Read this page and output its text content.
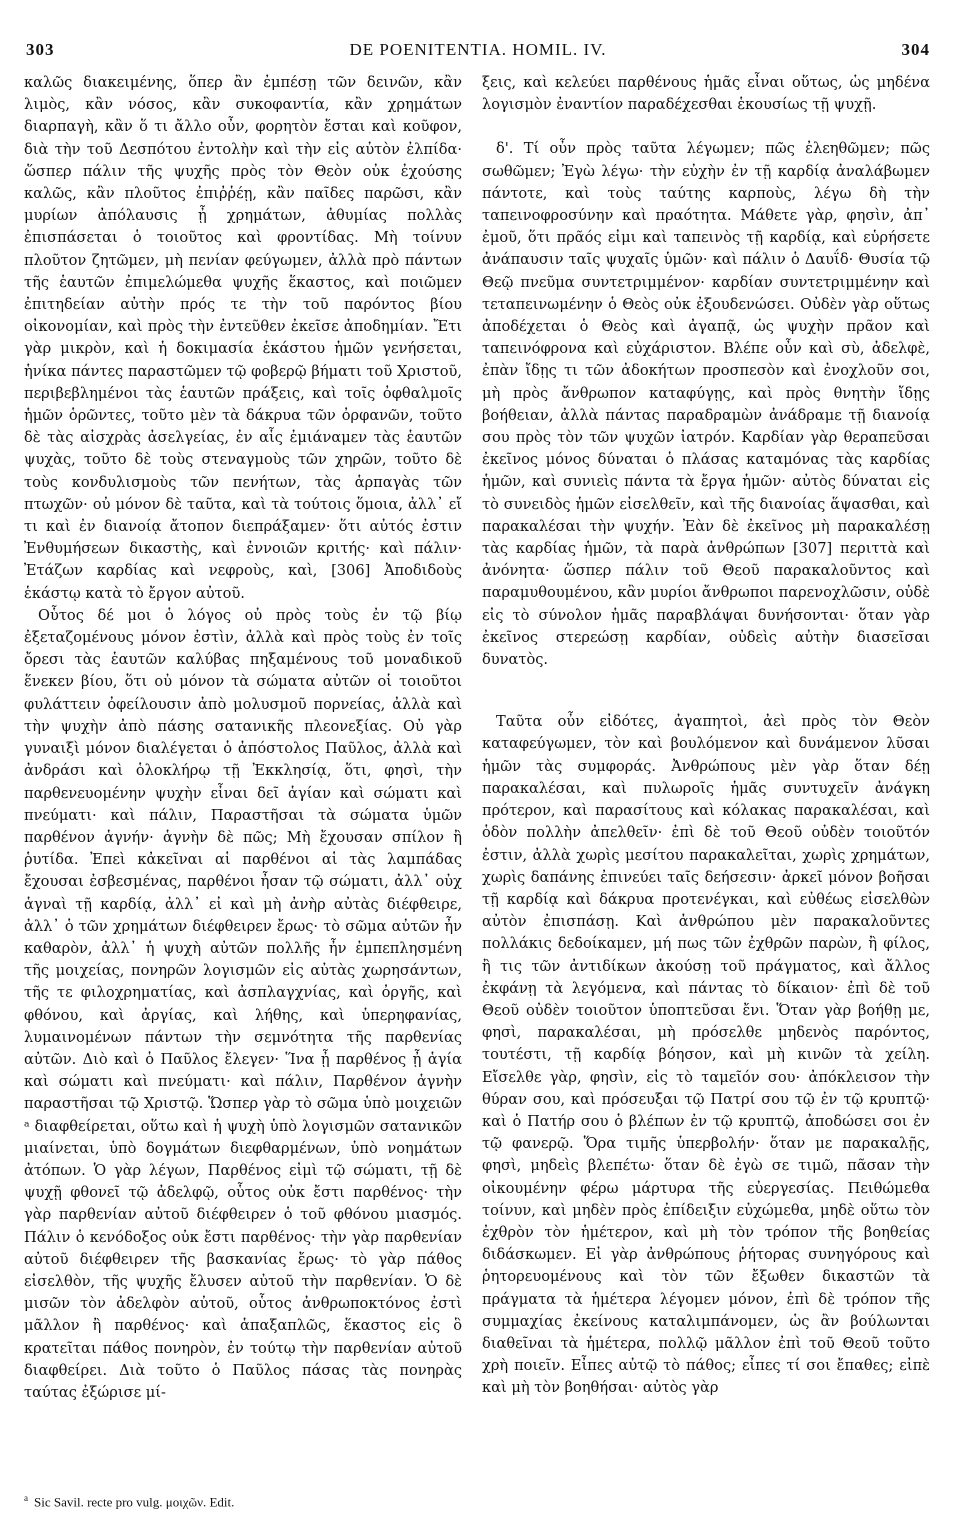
303	DE POENITENTIA. HOMIL. IV.	304

καλῶς διακειμένης, ὅπερ ἂν ἐμπέσῃ τῶν δεινῶν, κἂν λιμὸς, κἂν νόσος, κἂν συκοφαντία, κἂν χρημάτων διαρπαγὴ, κἂν ὅ τι ἄλλο οὖν, φορητὸν ἔσται καὶ κοῦφον, διὰ τὴν τοῦ Δεσπότου ἐντολὴν καὶ τὴν εἰς αὐτὸν ἐλπίδα· ὥσπερ πάλιν τῆς ψυχῆς πρὸς τὸν Θεὸν οὐκ ἐχούσης καλῶς, κἂν πλοῦτος ἐπιῤῥέῃ, κἂν παῖδες παρῶσι, κἂν μυρίων ἀπόλαυσις ᾖ χρημάτων, ἀθυμίας πολλὰς ἐπισπάσεται ὁ τοιοῦτος καὶ φροντίδας. Μὴ τοίνυν πλοῦτον ζητῶμεν, μὴ πενίαν φεύγωμεν, ἀλλὰ πρὸ πάντων τῆς ἑαυτῶν ἐπιμελώμεθα ψυχῆς ἕκαστος, καὶ ποιῶμεν ἐπιτηδείαν αὐτὴν πρός τε τὴν τοῦ παρόντος βίου οἰκονομίαν, καὶ πρὸς τὴν ἐντεῦθεν ἐκεῖσε ἀποδημίαν. Ἔτι γὰρ μικρὸν, καὶ ἡ δοκιμασία ἑκάστου ἡμῶν γενήσεται, ἡνίκα πάντες παραστῶμεν τῷ φοβερῷ βήματι τοῦ Χριστοῦ, περιβεβλημένοι τὰς ἑαυτῶν πράξεις, καὶ τοῖς ὀφθαλμοῖς ἡμῶν ὁρῶντες, τοῦτο μὲν τὰ δάκρυα τῶν ὀρφανῶν, τοῦτο δὲ τὰς αἰσχρὰς ἀσελγείας, ἐν αἷς ἐμιάναμεν τὰς ἑαυτῶν ψυχὰς, τοῦτο δὲ τοὺς στεναγμοὺς τῶν χηρῶν, τοῦτο δὲ τοὺς κονδυλισμοὺς τῶν πενήτων, τὰς ἁρπαγὰς τῶν πτωχῶν· οὐ μόνον δὲ ταῦτα, καὶ τὰ τούτοις ὅμοια, ἀλλ᾽ εἴ τι καὶ ἐν διανοίᾳ ἄτοπον διεπράξαμεν· ὅτι αὐτός ἐστιν Ἐνθυμήσεων δικαστὴς, καὶ ἐννοιῶν κριτής· καὶ πάλιν· Ἐτάζων καρδίας καὶ νεφροὺς, καὶ, [306] Ἀποδιδοὺς ἑκάστῳ κατὰ τὸ ἔργον αὐτοῦ.

Οὗτος δέ μοι ὁ λόγος οὐ πρὸς τοὺς ἐν τῷ βίῳ ἐξεταζομένους μόνον ἐστὶν, ἀλλὰ καὶ πρὸς τοὺς ἐν τοῖς ὄρεσι τὰς ἑαυτῶν καλύβας πηξαμένους τοῦ μοναδικοῦ ἕνεκεν βίου, ὅτι οὐ μόνον τὰ σώματα αὐτῶν οἱ τοιοῦτοι φυλάττειν ὀφείλουσιν ἀπὸ μολυσμοῦ πορνείας, ἀλλὰ καὶ τὴν ψυχὴν ἀπὸ πάσης σατανικῆς πλεονεξίας. Οὐ γὰρ γυναιξὶ μόνον διαλέγεται ὁ ἀπόστολος Παῦλος, ἀλλὰ καὶ ἀνδράσι καὶ ὁλοκλήρῳ τῇ Ἐκκλησίᾳ, ὅτι, φησὶ, τὴν παρθενευομένην ψυχὴν εἶναι δεῖ ἁγίαν καὶ σώματι καὶ πνεύματι· καὶ πάλιν, Παραστῆσαι τὰ σώματα ὑμῶν παρθένον ἁγνήν· ἁγνὴν δὲ πῶς; Μὴ ἔχουσαν σπίλον ἢ ῥυτίδα. Ἐπεὶ κἀκεῖναι αἱ παρθένοι αἱ τὰς λαμπάδας ἔχουσαι ἐσβεσμένας, παρθένοι ἦσαν τῷ σώματι, ἀλλ᾽ οὐχ ἁγναὶ τῇ καρδίᾳ, ἀλλ᾽ εἰ καὶ μὴ ἀνὴρ αὐτὰς διέφθειρε, ἀλλ᾽ ὁ τῶν χρημάτων διέφθειρεν ἔρως· τὸ σῶμα αὐτῶν ἦν καθαρὸν, ἀλλ᾽ ἡ ψυχὴ αὐτῶν πολλῆς ἦν ἐμπεπλησμένη τῆς μοιχείας, πονηρῶν λογισμῶν εἰς αὐτὰς χωρησάντων, τῆς τε φιλοχρηματίας, καὶ ἀσπλαγχνίας, καὶ ὀργῆς, καὶ φθόνου, καὶ ἀργίας, καὶ λήθης, καὶ ὑπερηφανίας, λυμαινομένων πάντων τὴν σεμνότητα τῆς παρθενίας αὐτῶν. Διὸ καὶ ὁ Παῦλος ἔλεγεν· Ἵνα ᾖ παρθένος ᾖ ἁγία καὶ σώματι καὶ πνεύματι· καὶ πάλιν, Παρθένον ἁγνὴν παραστῆσαι τῷ Χριστῷ. Ὥσπερ γὰρ τὸ σῶμα ὑπὸ μοιχειῶν ᵃ διαφθείρεται, οὕτω καὶ ἡ ψυχὴ ὑπὸ λογισμῶν σατανικῶν μιαίνεται, ὑπὸ δογμάτων διεφθαρμένων, ὑπὸ νοημάτων ἀτόπων. Ὁ γὰρ λέγων, Παρθένος εἰμὶ τῷ σώματι, τῇ δὲ ψυχῇ φθονεῖ τῷ ἀδελφῷ, οὗτος οὐκ ἔστι παρθένος· τὴν γὰρ παρθενίαν αὐτοῦ διέφθειρεν ὁ τοῦ φθόνου μιασμός. Πάλιν ὁ κενόδοξος οὐκ ἔστι παρθένος· τὴν γὰρ παρθενίαν αὐτοῦ διέφθειρεν τῆς βασκανίας ἔρως· τὸ γὰρ πάθος εἰσελθὸν, τῆς ψυχῆς ἔλυσεν αὐτοῦ τὴν παρθενίαν. Ὁ δὲ μισῶν τὸν ἀδελφὸν αὐτοῦ, οὗτος ἀνθρωποκτόνος ἐστὶ μᾶλλον ἢ παρθένος· καὶ ἁπαξαπλῶς, ἕκαστος εἰς ὃ κρατεῖται πάθος πονηρὸν, ἐν τούτῳ τὴν παρθενίαν αὐτοῦ διαφθείρει. Διὰ τοῦτο ὁ Παῦλος πάσας τὰς πονηρὰς ταύτας ἐξώρισε μί-

ξεις, καὶ κελεύει παρθένους ἡμᾶς εἶναι οὕτως, ὡς μηδένα λογισμὸν ἐναντίον παραδέχεσθαι ἑκουσίως τῇ ψυχῇ.

δ'. Τί οὖν πρὸς ταῦτα λέγωμεν; πῶς ἐλεηθῶμεν; πῶς σωθῶμεν; Ἐγὼ λέγω· τὴν εὐχὴν ἐν τῇ καρδίᾳ ἀναλάβωμεν πάντοτε, καὶ τοὺς ταύτης καρποὺς, λέγω δὴ τὴν ταπεινοφροσύνην καὶ πραότητα. Μάθετε γὰρ, φησὶν, ἀπ᾽ ἐμοῦ, ὅτι πρᾶός εἰμι καὶ ταπεινὸς τῇ καρδίᾳ, καὶ εὑρήσετε ἀνάπαυσιν ταῖς ψυχαῖς ὑμῶν· καὶ πάλιν ὁ Δαυΐδ· Θυσία τῷ Θεῷ πνεῦμα συντετριμμένον· καρδίαν συντετριμμένην καὶ τεταπεινωμένην ὁ Θεὸς οὐκ ἐξουδενώσει. Οὐδὲν γὰρ οὕτως ἀποδέχεται ὁ Θεὸς καὶ ἀγαπᾷ, ὡς ψυχὴν πρᾶον καὶ ταπεινόφρονα καὶ εὐχάριστον. Βλέπε οὖν καὶ σὺ, ἀδελφὲ, ἐπὰν ἴδῃς τι τῶν ἀδοκήτων προσπεσὸν καὶ ἐνοχλοῦν σοι, μὴ πρὸς ἄνθρωπον καταφύγῃς, καὶ πρὸς θνητὴν ἴδῃς βοήθειαν, ἀλλὰ πάντας παραδραμὼν ἀνάδραμε τῇ διανοίᾳ σου πρὸς τὸν τῶν ψυχῶν ἰατρόν. Καρδίαν γὰρ θεραπεῦσαι ἐκεῖνος μόνος δύναται ὁ πλάσας καταμόνας τὰς καρδίας ἡμῶν, καὶ συνιεὶς πάντα τὰ ἔργα ἡμῶν· αὐτὸς δύναται εἰς τὸ συνειδὸς ἡμῶν εἰσελθεῖν, καὶ τῆς διανοίας ἅψασθαι, καὶ παρακαλέσαι τὴν ψυχήν. Ἐὰν δὲ ἐκεῖνος μὴ παρακαλέσῃ τὰς καρδίας ἡμῶν, τὰ παρὰ ἀνθρώπων [307] περιττὰ καὶ ἀνόνητα· ὥσπερ πάλιν τοῦ Θεοῦ παρακαλοῦντος καὶ παραμυθουμένου, κἂν μυρίοι ἄνθρωποι παρενοχλῶσιν, οὐδὲ εἰς τὸ σύνολον ἡμᾶς παραβλάψαι δυνήσονται· ὅταν γὰρ ἐκεῖνος στερεώσῃ καρδίαν, οὐδεὶς αὐτὴν διασεῖσαι δυνατὸς.

Ταῦτα οὖν εἰδότες, ἀγαπητοὶ, ἀεὶ πρὸς τὸν Θεὸν καταφεύγωμεν, τὸν καὶ βουλόμενον καὶ δυνάμενον λῦσαι ἡμῶν τὰς συμφοράς. Ἀνθρώπους μὲν γὰρ ὅταν δέῃ παρακαλέσαι, καὶ πυλωροῖς ἡμᾶς συντυχεῖν ἀνάγκη πρότερον, καὶ παρασίτους καὶ κόλακας παρακαλέσαι, καὶ ὁδὸν πολλὴν ἀπελθεῖν· ἐπὶ δὲ τοῦ Θεοῦ οὐδὲν τοιοῦτόν ἐστιν, ἀλλὰ χωρὶς μεσίτου παρακαλεῖται, χωρὶς χρημάτων, χωρὶς δαπάνης ἐπινεύει ταῖς δεήσεσιν· ἀρκεῖ μόνον βοῆσαι τῇ καρδίᾳ καὶ δάκρυα προτενέγκαι, καὶ εὐθέως εἰσελθὼν αὐτὸν ἐπισπάσῃ. Καὶ ἀνθρώπου μὲν παρακαλοῦντες πολλάκις δεδοίκαμεν, μή πως τῶν ἐχθρῶν παρὼν, ἢ φίλος, ἢ τις τῶν ἀντιδίκων ἀκούσῃ τοῦ πράγματος, καὶ ἄλλος ἐκφάνῃ τὰ λεγόμενα, καὶ πάντας τὸ δίκαιον· ἐπὶ δὲ τοῦ Θεοῦ οὐδὲν τοιοῦτον ὑποπτεῦσαι ἔνι. Ὅταν γὰρ βοήθῃ με, φησὶ, παρακαλέσαι, μὴ πρόσελθε μηδενὸς παρόντος, τουτέστι, τῇ καρδίᾳ βόησον, καὶ μὴ κινῶν τὰ χείλη. Εἴσελθε γὰρ, φησὶν, εἰς τὸ ταμεῖόν σου· ἀπόκλεισον τὴν θύραν σου, καὶ πρόσευξαι τῷ Πατρί σου τῷ ἐν τῷ κρυπτῷ· καὶ ὁ Πατήρ σου ὁ βλέπων ἐν τῷ κρυπτῷ, ἀποδώσει σοι ἐν τῷ φανερῷ. Ὅρα τιμῆς ὑπερβολήν· ὅταν με παρακαλῇς, φησὶ, μηδεὶς βλεπέτω· ὅταν δὲ ἐγὼ σε τιμῶ, πᾶσαν τὴν οἰκουμένην φέρω μάρτυρα τῆς εὐεργεσίας. Πειθώμεθα τοίνυν, καὶ μηδὲν πρὸς ἐπίδειξιν εὐχώμεθα, μηδὲ οὕτω τὸν ἐχθρὸν τὸν ἡμέτερον, καὶ μὴ τὸν τρόπον τῆς βοηθείας διδάσκωμεν. Εἰ γὰρ ἀνθρώπους ῥήτορας συνηγόρους καὶ ῥητορευομένους καὶ τὸν τῶν ἔξωθεν δικαστῶν τὰ πράγματα τὰ ἡμέτερα λέγομεν μόνον, ἐπὶ δὲ τρόπον τῆς συμμαχίας ἐκείνους καταλιμπάνομεν, ὡς ἂν βούλωνται διαθεῖναι τὰ ἡμέτερα, πολλῷ μᾶλλον ἐπὶ τοῦ Θεοῦ τοῦτο χρὴ ποιεῖν. Εἶπες αὐτῷ τὸ πάθος; εἶπες τί σοι ἔπαθες; εἰπὲ καὶ μὴ τὸν βοηθήσαι· αὐτὸς γὰρ

$^a$ Sic Savil. recte pro vulg. μοιχῶν. Edit.
